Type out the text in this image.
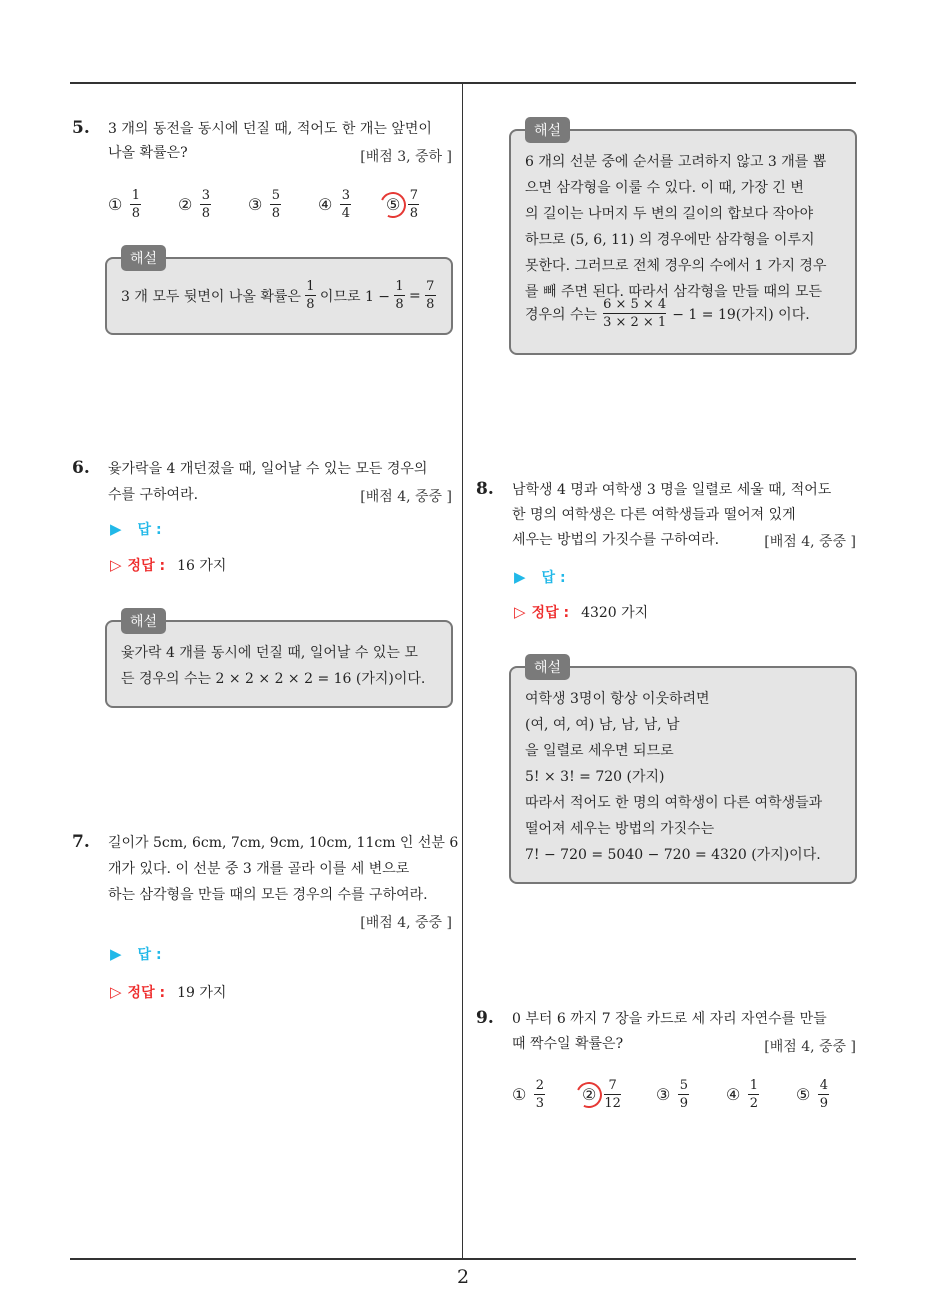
5. 3 개의 동전을 동시에 던질 때, 적어도 한 개는 앞면이
나올 확률은?	[배점 3, 중하 ]
① $\frac{1}{8}$ ② $\frac{3}{8}$ ③ $\frac{5}{8}$ ④ $\frac{3}{4}$ ⑤ $\frac{7}{8}$
해설
3 개 모두 뒷면이 나올 확률은 $\frac{1}{8}$ 이므로 $1 - \frac{1}{8} = \frac{7}{8}$
6. 윷가락을 4 개던졌을 때, 일어날 수 있는 모든 경우의
수를 구하여라.	[배점 4, 중중 ]
▶ 답 :
▷ 정답 : 16 가지
해설
윷가락 4 개를 동시에 던질 때, 일어날 수 있는 모
든 경우의 수는 2 × 2 × 2 × 2 = 16 (가지)이다.
7. 길이가 5cm, 6cm, 7cm, 9cm, 10cm, 11cm 인 선분 6
개가 있다. 이 선분 중 3 개를 골라 이를 세 변으로
하는 삼각형을 만들 때의 모든 경우의 수를 구하여라.
[배점 4, 중중 ]
▶ 답 :
▷ 정답 : 19 가지
해설
6 개의 선분 중에 순서를 고려하지 않고 3 개를 뽑
으면 삼각형을 이룰 수 있다. 이 때, 가장 긴 변
의 길이는 나머지 두 변의 길이의 합보다 작아야
하므로 (5, 6, 11) 의 경우에만 삼각형을 이루지
못한다. 그러므로 전체 경우의 수에서 1 가지 경우
를 빼 주면 된다. 따라서 삼각형을 만들 때의 모든
경우의 수는 $\frac{6 \times 5 \times 4}{3 \times 2 \times 1} - 1 = 19$(가지) 이다.
8. 남학생 4 명과 여학생 3 명을 일렬로 세울 때, 적어도
한 명의 여학생은 다른 여학생들과 떨어져 있게
세우는 방법의 가짓수를 구하여라.	[배점 4, 중중 ]
▶ 답 :
▷ 정답 : 4320 가지
해설
여학생 3명이 항상 이웃하려면
(여, 여, 여) 남, 남, 남, 남
을 일렬로 세우면 되므로
5! × 3! = 720 (가지)
따라서 적어도 한 명의 여학생이 다른 여학생들과
떨어져 세우는 방법의 가짓수는
7! − 720 = 5040 − 720 = 4320 (가지)이다.
9. 0 부터 6 까지 7 장을 카드로 세 자리 자연수를 만들
때 짝수일 확률은?	[배점 4, 중중 ]
① $\frac{2}{3}$ ② $\frac{7}{12}$ ③ $\frac{5}{9}$ ④ $\frac{1}{2}$ ⑤ $\frac{4}{9}$
2
